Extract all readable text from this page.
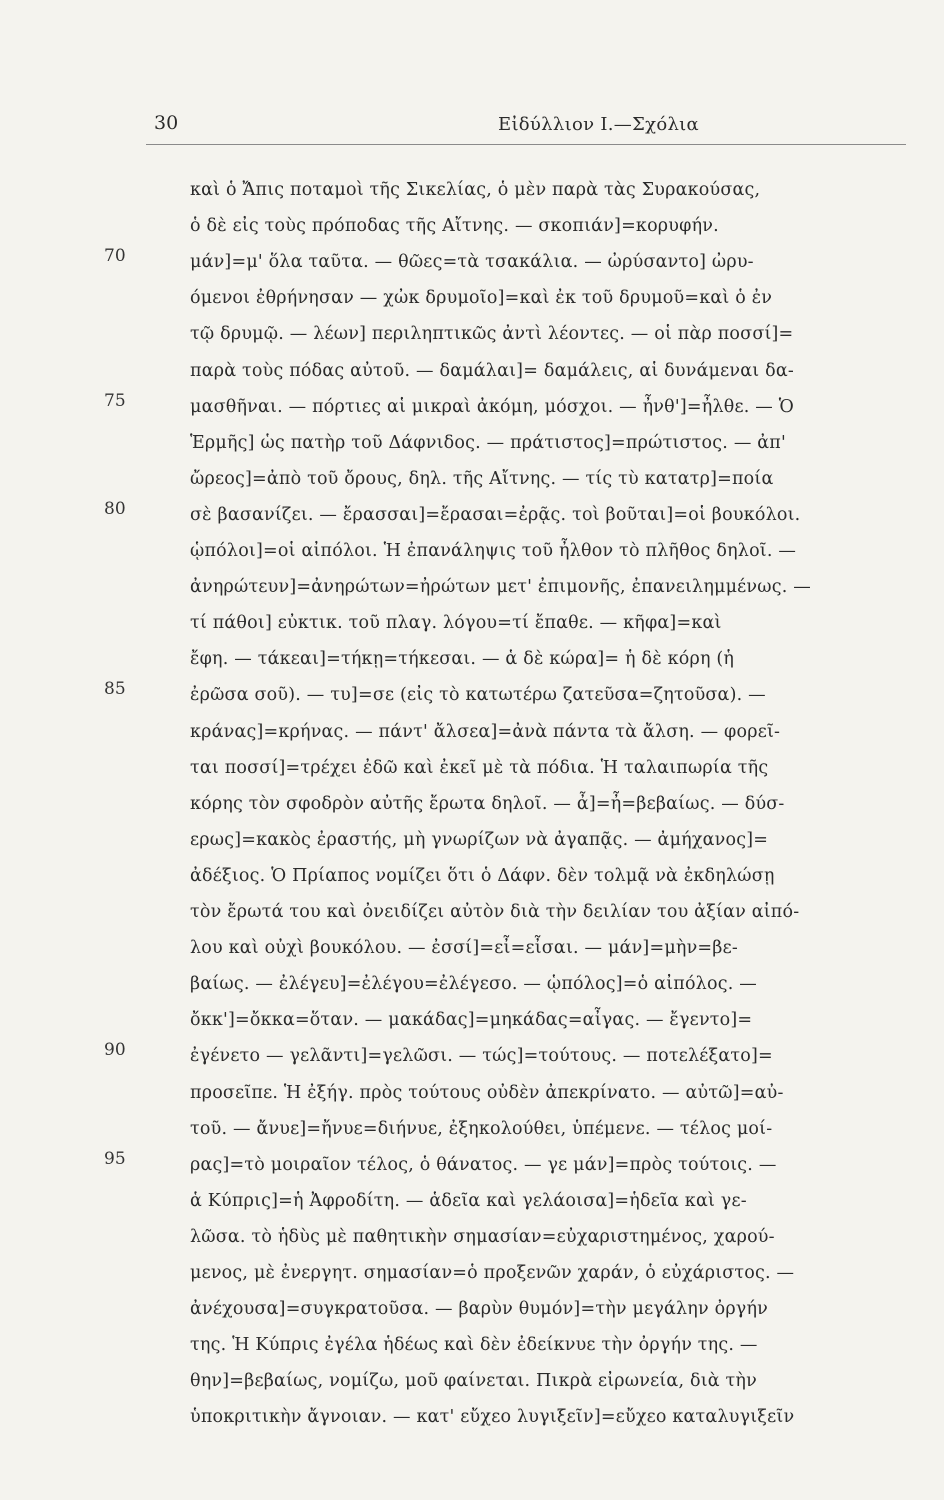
30	Εἰδύλλιον I.—Σχόλια
καὶ ὁ Ἄπις ποταμοὶ τῆς Σικελίας, ὁ μὲν παρὰ τὰς Συρακούσας,
ὁ δὲ εἰς τοὺς πρόποδας τῆς Αἴτνης. — σκοπιάν]=κορυφήν.
70	μάν]=μ' ὅλα ταῦτα. — θῶες=τὰ τσακάλια. — ὠρύσαντο] ὠρυ-
όμενοι ἐθρήνησαν — χὠκ δρυμοῖο]=καὶ ἐκ τοῦ δρυμοῦ=καὶ ὁ ἐν
τῷ δρυμῷ. — λέων] περιληπτικῶς ἀντὶ λέοντες. — οἱ πὰρ ποσσί]=
παρὰ τοὺς πόδας αὐτοῦ. — δαμάλαι]= δαμάλεις, αἱ δυνάμεναι δα-
75	μασθῆναι. — πόρτιες αἱ μικραὶ ἀκόμη, μόσχοι. — ἦνθ']=ἦλθε. — Ὁ
Ἑρμῆς] ὡς πατὴρ τοῦ Δάφνιδος. — πράτιστος]=πρώτιστος. — ἀπ'
ὤρεος]=ἀπὸ τοῦ ὄρους, δηλ. τῆς Αἴτνης. — τίς τὺ κατατρ]=ποία
80	σὲ βασανίζει. — ἔρασσαι]=ἔρασαι=ἐρᾷς. τοὶ βοῦται]=οἱ βουκόλοι.
ᾡπόλοι]=οἱ αἰπόλοι. Ἡ ἐπανάληψις τοῦ ἦλθον τὸ πλῆθος δηλοῖ. —
ἀνηρώτευν]=ἀνηρώτων=ἠρώτων μετ' ἐπιμονῆς, ἐπανειλημμένως. —
τί πάθοι] εὐκτικ. τοῦ πλαγ. λόγου=τί ἔπαθε. — κῆφα]=καὶ
ἔφη. — τάκεαι]=τήκῃ=τήκεσαι. — ἁ δὲ κώρα]= ἡ δὲ κόρη (ἡ
85	ἐρῶσα σοῦ). — τυ]=σε (εἰς τὸ κατωτέρω ζατεῦσα=ζητοῦσα). —
κράνας]=κρήνας. — πάντ' ἄλσεα]=ἀνὰ πάντα τὰ ἄλση. — φορεῖ-
ται ποσσί]=τρέχει ἐδῶ καὶ ἐκεῖ μὲ τὰ πόδια. Ἡ ταλαιπωρία τῆς
κόρης τὸν σφοδρὸν αὐτῆς ἔρωτα δηλοῖ. — ἆ]=ἦ=βεβαίως. — δύσ-
ερως]=κακὸς ἐραστής, μὴ γνωρίζων νὰ ἀγαπᾷς. — ἀμήχανος]=
ἀδέξιος. Ὁ Πρίαπος νομίζει ὅτι ὁ Δάφν. δὲν τολμᾷ νὰ ἐκδηλώσῃ
τὸν ἔρωτά του καὶ ὀνειδίζει αὐτὸν διὰ τὴν δειλίαν του ἀξίαν αἰπό-
λου καὶ οὐχὶ βουκόλου. — ἐσσί]=εἶ=εἶσαι. — μάν]=μὴν=βε-
βαίως. — ἐλέγευ]=ἐλέγου=ἐλέγεσο. — ᾡπόλος]=ὁ αἰπόλος. —
ὄκκ']=ὄκκα=ὅταν. — μακάδας]=μηκάδας=αἶγας. — ἔγεντο]=
90	ἐγένετο — γελᾶντι]=γελῶσι. — τώς]=τούτους. — ποτελέξατο]=
προσεῖπε. Ἡ ἐξήγ. πρὸς τούτους οὐδὲν ἀπεκρίνατο. — αὐτῶ]=αὐ-
τοῦ. — ἄνυε]=ἤνυε=διήνυε, ἐξηκολούθει, ὑπέμενε. — τέλος μοί-
95	ρας]=τὸ μοιραῖον τέλος, ὁ θάνατος. — γε μάν]=πρὸς τούτοις. —
ἁ Κύπρις]=ἡ Ἀφροδίτη. — ἁδεῖα καὶ γελάοισα]=ἡδεῖα καὶ γε-
λῶσα. τὸ ἡδὺς μὲ παθητικὴν σημασίαν=εὐχαριστημένος, χαρού-
μενος, μὲ ἐνεργητ. σημασίαν=ὁ προξενῶν χαράν, ὁ εὐχάριστος. —
ἀνέχουσα]=συγκρατοῦσα. — βαρὺν θυμόν]=τὴν μεγάλην ὀργήν
της. Ἡ Κύπρις ἐγέλα ἡδέως καὶ δὲν ἐδείκνυε τὴν ὀργήν της. —
θην]=βεβαίως, νομίζω, μοῦ φαίνεται. Πικρὰ εἰρωνεία, διὰ τὴν
ὑποκριτικὴν ἄγνοιαν. — κατ' εὔχεο λυγιξεῖν]=εὔχεο καταλυγιξεῖν
